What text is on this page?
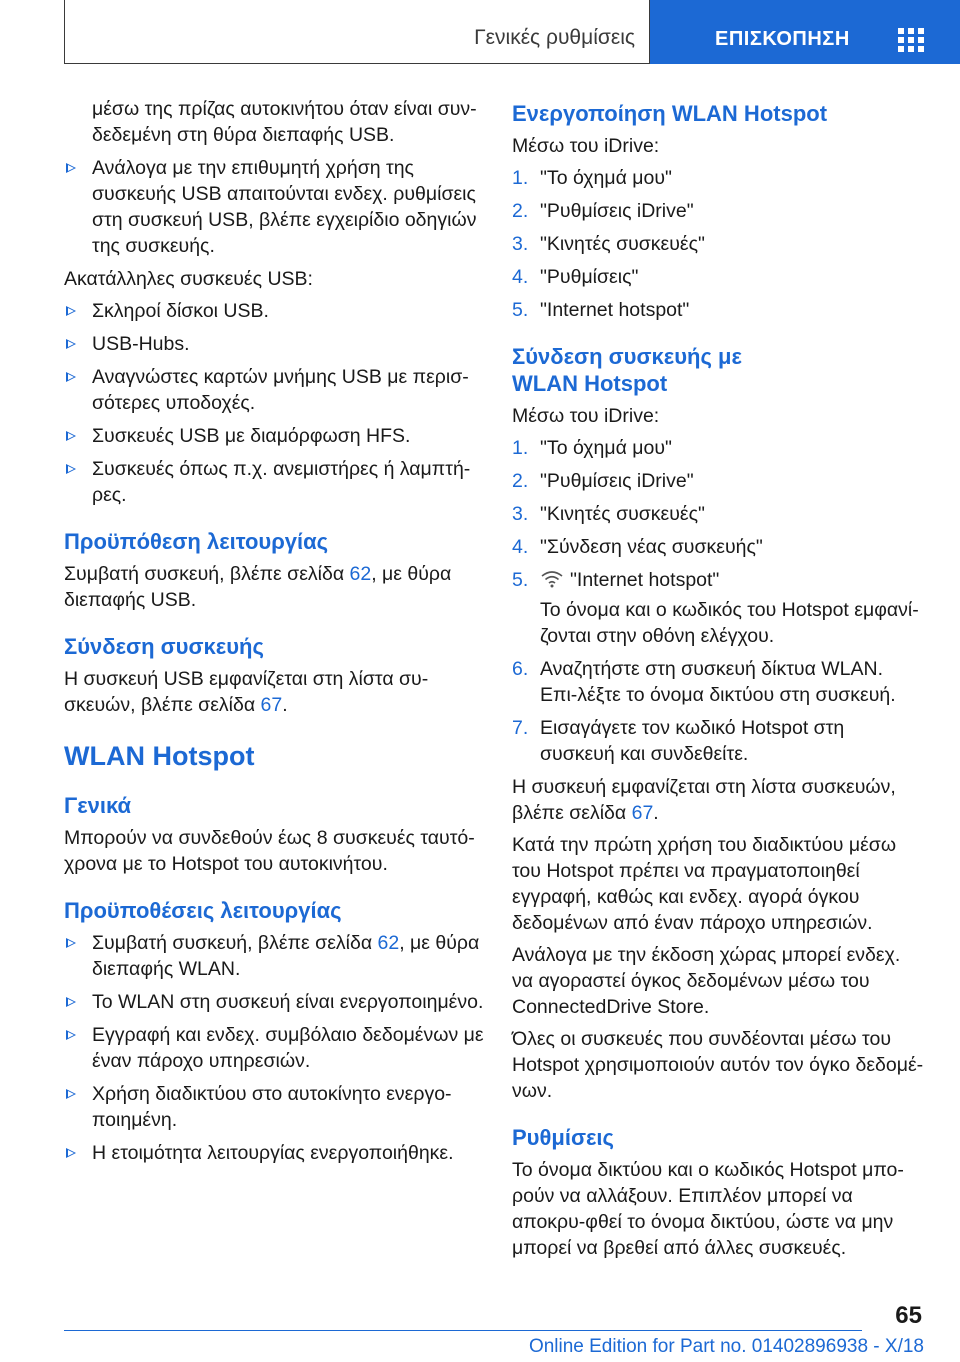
Γενικές ρυθμίσεις	ΕΠΙΣΚΟΠΗΣΗ
μέσω της πρίζας αυτοκινήτου όταν είναι συν‐δεδεμένη στη θύρα διεπαφής USB.
Ανάλογα με την επιθυμητή χρήση της συσκευής USB απαιτούνται ενδεχ. ρυθμίσεις στη συσκευή USB, βλέπε εγχειρίδιο οδηγιών της συσκευής.

Ακατάλληλες συσκευές USB:

Σκληροί δίσκοι USB.
USB-Hubs.
Αναγνώστες καρτών μνήμης USB με περισ‐σότερες υποδοχές.
Συσκευές USB με διαμόρφωση HFS.
Συσκευές όπως π.χ. ανεμιστήρες ή λαμπτή‐ρες.
Προϋπόθεση λειτουργίας

Συμβατή συσκευή, βλέπε σελίδα 62, με θύρα διεπαφής USB.

Σύνδεση συσκευής

Η συσκευή USB εμφανίζεται στη λίστα συ‐σκευών, βλέπε σελίδα 67.

WLAN Hotspot
Γενικά

Μπορούν να συνδεθούν έως 8 συσκευές ταυτό‐χρονα με το Hotspot του αυτοκινήτου.

Προϋποθέσεις λειτουργίας
Συμβατή συσκευή, βλέπε σελίδα 62, με θύρα διεπαφής WLAN.
Το WLAN στη συσκευή είναι ενεργοποιημένο.
Εγγραφή και ενδεχ. συμβόλαιο δεδομένων με έναν πάροχο υπηρεσιών.
Χρήση διαδικτύου στο αυτοκίνητο ενεργο‐ποιημένη.
Η ετοιμότητα λειτουργίας ενεργοποιήθηκε.
Ενεργοποίηση WLAN Hotspot

Μέσω του iDrive:

1. "Το όχημά μου"
2. "Ρυθμίσεις iDrive"
3. "Κινητές συσκευές"
4. "Ρυθμίσεις"
5. "Internet hotspot"
Σύνδεση συσκευής με
WLAN Hotspot

Μέσω του iDrive:

1. "Το όχημά μου"
2. "Ρυθμίσεις iDrive"
3. "Κινητές συσκευές"
4. "Σύνδεση νέας συσκευής"
5. "Internet hotspot"
Το όνομα και ο κωδικός του Hotspot εμφανί‐ζονται στην οθόνη ελέγχου.
6. Αναζητήστε στη συσκευή δίκτυα WLAN. Επι‐λέξτε το όνομα δικτύου στη συσκευή.
7. Εισαγάγετε τον κωδικό Hotspot στη συσκευή και συνδεθείτε.

Η συσκευή εμφανίζεται στη λίστα συσκευών, βλέπε σελίδα 67.

Κατά την πρώτη χρήση του διαδικτύου μέσω του Hotspot πρέπει να πραγματοποιηθεί εγγραφή, καθώς και ενδεχ. αγορά όγκου δεδομένων από έναν πάροχο υπηρεσιών.

Ανάλογα με την έκδοση χώρας μπορεί ενδεχ. να αγοραστεί όγκος δεδομένων μέσω του ConnectedDrive Store.

Όλες οι συσκευές που συνδέονται μέσω του Hotspot χρησιμοποιούν αυτόν τον όγκο δεδομέ‐νων.

Ρυθμίσεις

Το όνομα δικτύου και ο κωδικός Hotspot μπο‐ρούν να αλλάξουν. Επιπλέον μπορεί να αποκρυ‐φθεί το όνομα δικτύου, ώστε να μην μπορεί να βρεθεί από άλλες συσκευές.

65
Online Edition for Part no. 01402896938 - X/18
